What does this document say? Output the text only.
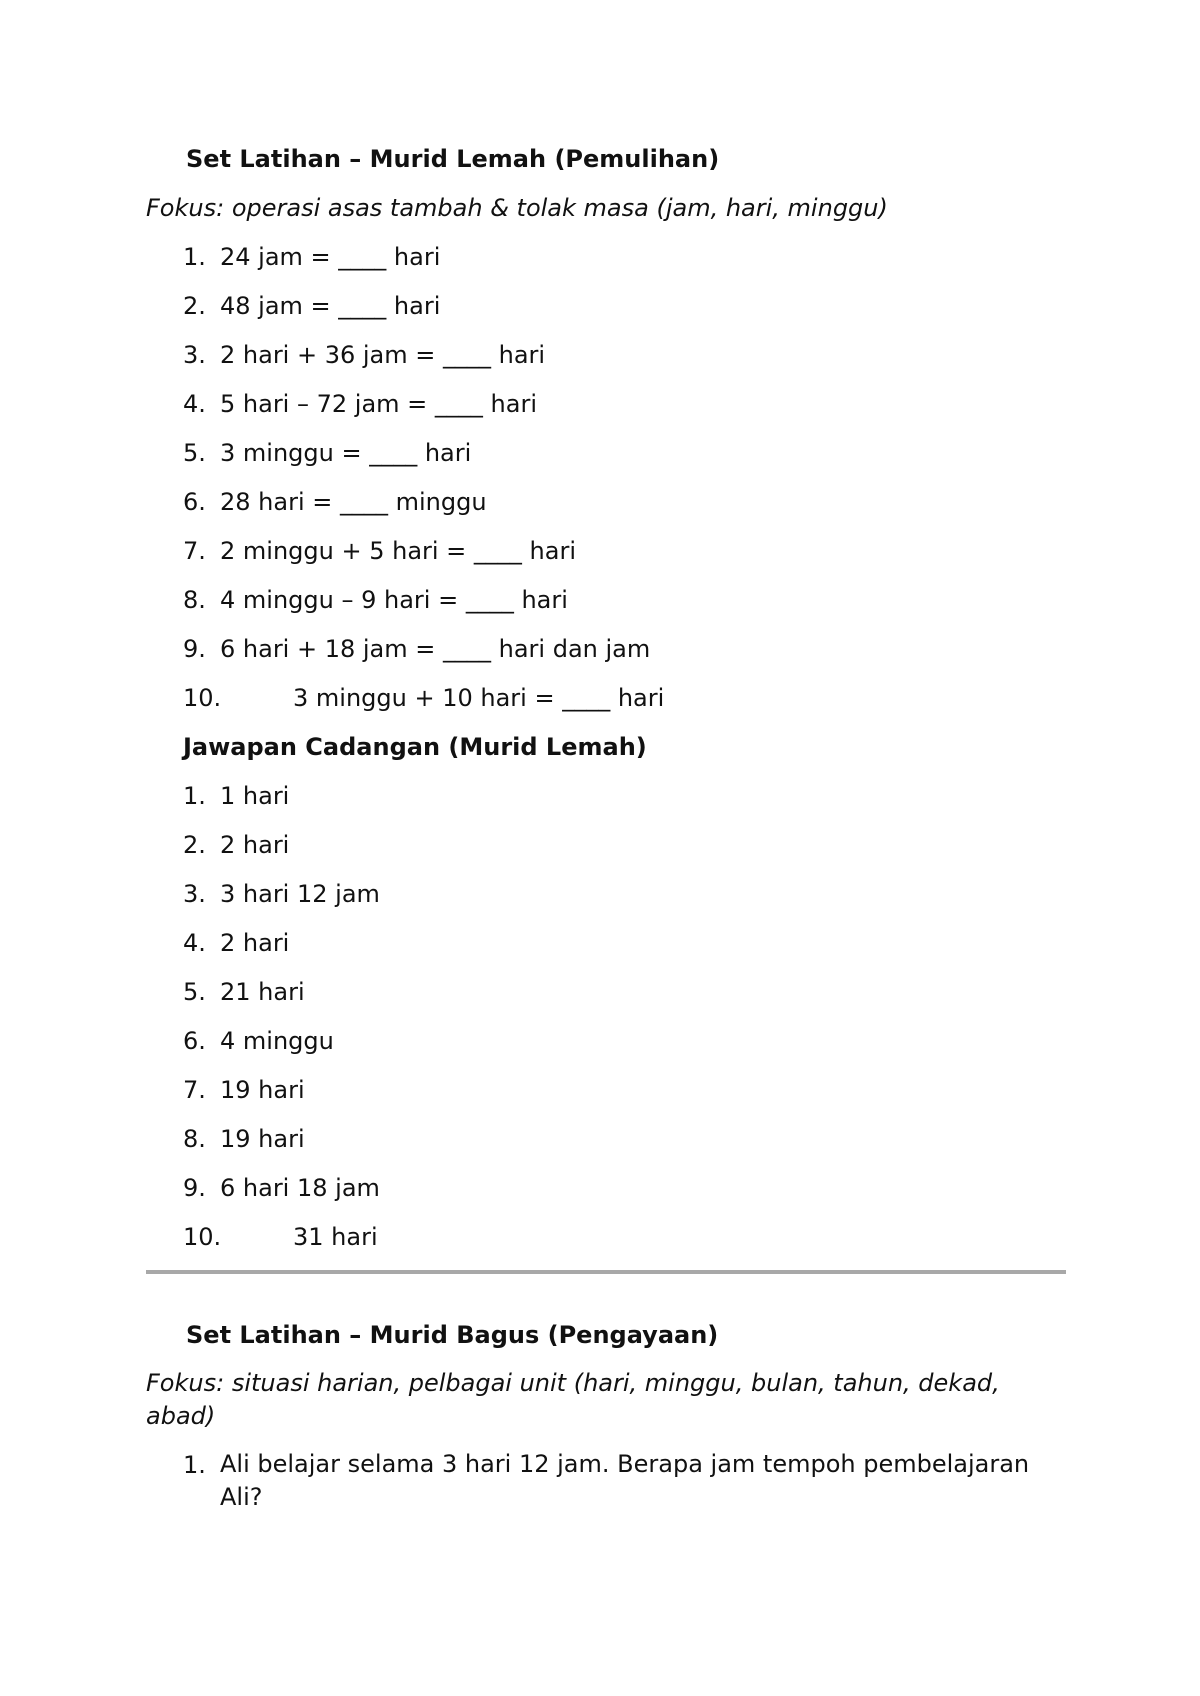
Set Latihan – Murid Lemah (Pemulihan)
Fokus: operasi asas tambah & tolak masa (jam, hari, minggu)
1. 24 jam = ____ hari
2. 48 jam = ____ hari
3. 2 hari + 36 jam = ____ hari
4. 5 hari – 72 jam = ____ hari
5. 3 minggu = ____ hari
6. 28 hari = ____ minggu
7. 2 minggu + 5 hari = ____ hari
8. 4 minggu – 9 hari = ____ hari
9. 6 hari + 18 jam = ____ hari dan jam
10.	3 minggu + 10 hari = ____ hari
Jawapan Cadangan (Murid Lemah)
1. 1 hari
2. 2 hari
3. 3 hari 12 jam
4. 2 hari
5. 21 hari
6. 4 minggu
7. 19 hari
8. 19 hari
9. 6 hari 18 jam
10.	31 hari
Set Latihan – Murid Bagus (Pengayaan)
Fokus: situasi harian, pelbagai unit (hari, minggu, bulan, tahun, dekad, abad)
1. Ali belajar selama 3 hari 12 jam. Berapa jam tempoh pembelajaran Ali?
